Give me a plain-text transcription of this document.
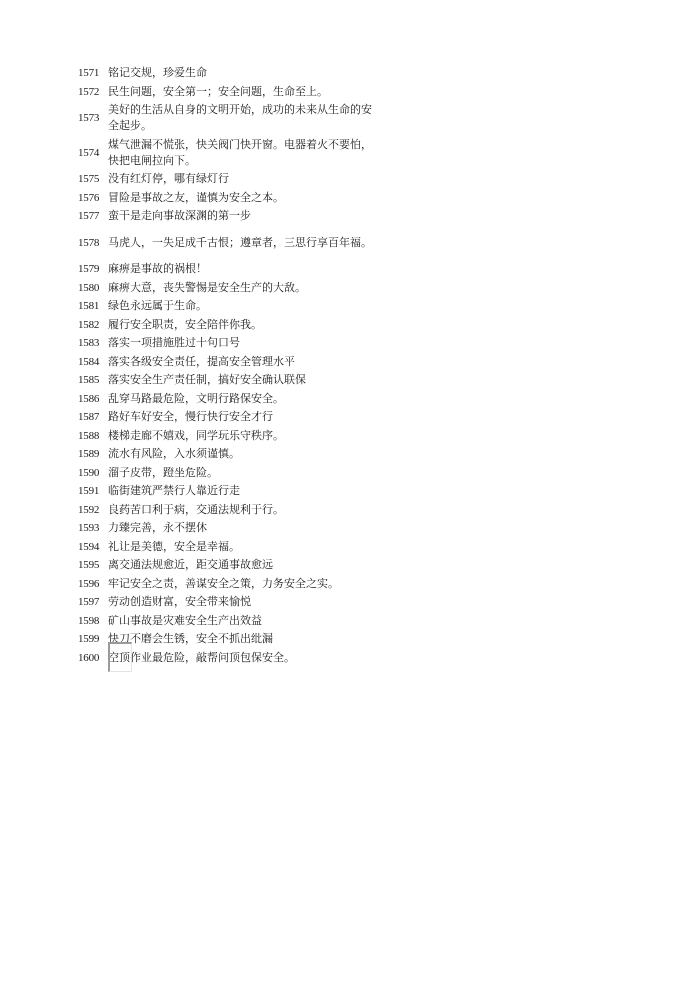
1571 铭记交规，珍爱生命
1572 民生问题，安全第一；安全问题，生命至上。
1573
美好的生活从自身的文明开始，成功的未来从生命的安全起步。
1574
煤气泄漏不慌张，快关阀门快开窗。电器着火不要怕，快把电闸拉向下。
1575 没有红灯停，哪有绿灯行
1576 冒险是事故之友，谨慎为安全之本。
1577 蛮干是走向事故深渊的第一步
1578 马虎人，一失足成千古恨；遵章者，三思行享百年福。
1579 麻痹是事故的祸根！
1580 麻痹大意，丧失警惕是安全生产的大敌。
1581 绿色永远属于生命。
1582 履行安全职责，安全陪伴你我。
1583 落实一项措施胜过十句口号
1584 落实各级安全责任，提高安全管理水平
1585 落实安全生产责任制，搞好安全确认联保
1586 乱穿马路最危险，文明行路保安全。
1587 路好车好安全，慢行快行安全才行
1588 楼梯走廊不嬉戏，同学玩乐守秩序。
1589 流水有风险，入水须谨慎。
1590 溜子皮带，蹬坐危险。
1591 临街建筑严禁行人靠近行走
1592 良药苦口利于病，交通法规利于行。
1593 力臻完善，永不摆休
1594 礼让是美德，安全是幸福。
1595 离交通法规愈近，距交通事故愈远
1596 牢记安全之责，善谋安全之策，力务安全之实。
1597 劳动创造财富，安全带来愉悦
1598 矿山事故是灾难安全生产出效益
1599 快刀不磨会生锈，安全不抓出纰漏
1600 空顶作业最危险，敲帮问顶包保安全。
